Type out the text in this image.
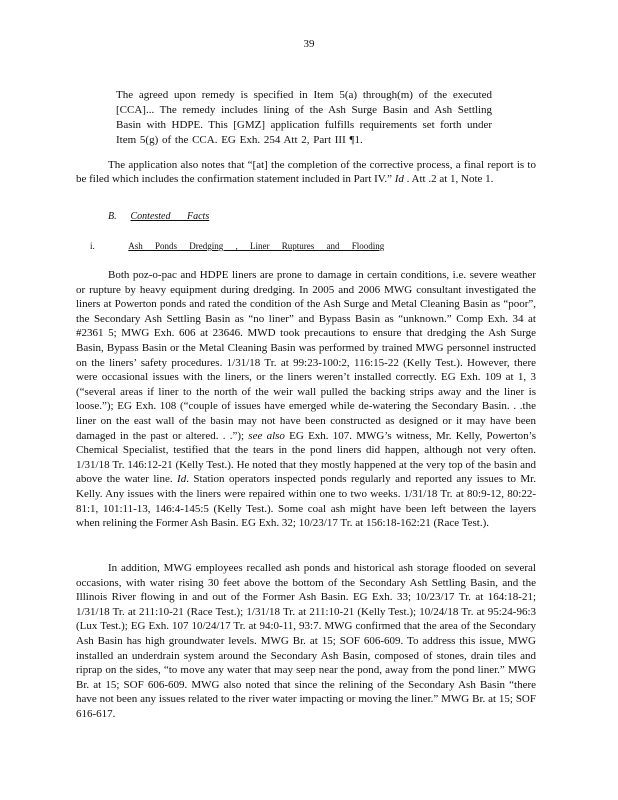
39
The agreed upon remedy is specified in Item 5(a) through(m) of the executed [CCA]... The remedy includes lining of the Ash Surge Basin and Ash Settling Basin with HDPE. This [GMZ] application fulfills requirements set forth under Item 5(g) of the CCA. EG Exh. 254 Att 2, Part III ¶1.
The application also notes that “[at] the completion of the corrective process, a final report is to be filed which includes the confirmation statement included in Part IV.” Id . Att .2 at 1, Note 1.
B. Contested Facts
i.	Ash Ponds Dredging , Liner Ruptures and Flooding
Both poz-o-pac and HDPE liners are prone to damage in certain conditions, i.e. severe weather or rupture by heavy equipment during dredging. In 2005 and 2006 MWG consultant investigated the liners at Powerton ponds and rated the condition of the Ash Surge and Metal Cleaning Basin as “poor”, the Secondary Ash Settling Basin as “no liner” and Bypass Basin as “unknown.” Comp Exh. 34 at #2361 5; MWG Exh. 606 at 23646. MWD took precautions to ensure that dredging the Ash Surge Basin, Bypass Basin or the Metal Cleaning Basin was performed by trained MWG personnel instructed on the liners’ safety procedures. 1/31/18 Tr. at 99:23-100:2, 116:15-22 (Kelly Test.). However, there were occasional issues with the liners, or the liners weren’t installed correctly. EG Exh. 109 at 1, 3 (“several areas if liner to the north of the weir wall pulled the backing strips away and the liner is loose.”); EG Exh. 108 (“couple of issues have emerged while de-watering the Secondary Basin. . .the liner on the east wall of the basin may not have been constructed as designed or it may have been damaged in the past or altered. . .”); see also EG Exh. 107. MWG’s witness, Mr. Kelly, Powerton’s Chemical Specialist, testified that the tears in the pond liners did happen, although not very often. 1/31/18 Tr. 146:12-21 (Kelly Test.). He noted that they mostly happened at the very top of the basin and above the water line. Id. Station operators inspected ponds regularly and reported any issues to Mr. Kelly. Any issues with the liners were repaired within one to two weeks. 1/31/18 Tr. at 80:9-12, 80:22-81:1, 101:11-13, 146:4-145:5 (Kelly Test.). Some coal ash might have been left between the layers when relining the Former Ash Basin. EG Exh. 32; 10/23/17 Tr. at 156:18-162:21 (Race Test.).
In addition, MWG employees recalled ash ponds and historical ash storage flooded on several occasions, with water rising 30 feet above the bottom of the Secondary Ash Settling Basin, and the Illinois River flowing in and out of the Former Ash Basin. EG Exh. 33; 10/23/17 Tr. at 164:18-21; 1/31/18 Tr. at 211:10-21 (Race Test.); 1/31/18 Tr. at 211:10-21 (Kelly Test.); 10/24/18 Tr. at 95:24-96:3 (Lux Test.); EG Exh. 107 10/24/17 Tr. at 94:0-11, 93:7. MWG confirmed that the area of the Secondary Ash Basin has high groundwater levels. MWG Br. at 15; SOF 606-609. To address this issue, MWG installed an underdrain system around the Secondary Ash Basin, composed of stones, drain tiles and riprap on the sides, “to move any water that may seep near the pond, away from the pond liner.” MWG Br. at 15; SOF 606-609. MWG also noted that since the relining of the Secondary Ash Basin “there have not been any issues related to the river water impacting or moving the liner.” MWG Br. at 15; SOF 616-617.
